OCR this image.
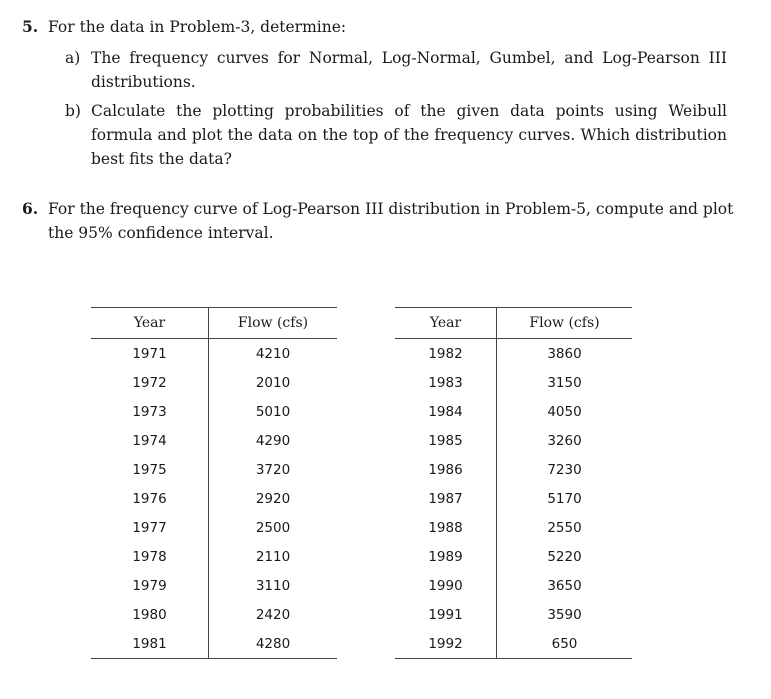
5. For the data in Problem-3, determine:
a) The frequency curves for Normal, Log-Normal, Gumbel, and Log-Pearson III distributions.
b) Calculate the plotting probabilities of the given data points using Weibull formula and plot the data on the top of the frequency curves. Which distribution best fits the data?
6. For the frequency curve of Log-Pearson III distribution in Problem-5, compute and plot the 95% confidence interval.
Year	Flow (cfs)
1971	4210
1972	2010
1973	5010
1974	4290
1975	3720
1976	2920
1977	2500
1978	2110
1979	3110
1980	2420
1981	4280
Year	Flow (cfs)
1982	3860
1983	3150
1984	4050
1985	3260
1986	7230
1987	5170
1988	2550
1989	5220
1990	3650
1991	3590
1992	650
